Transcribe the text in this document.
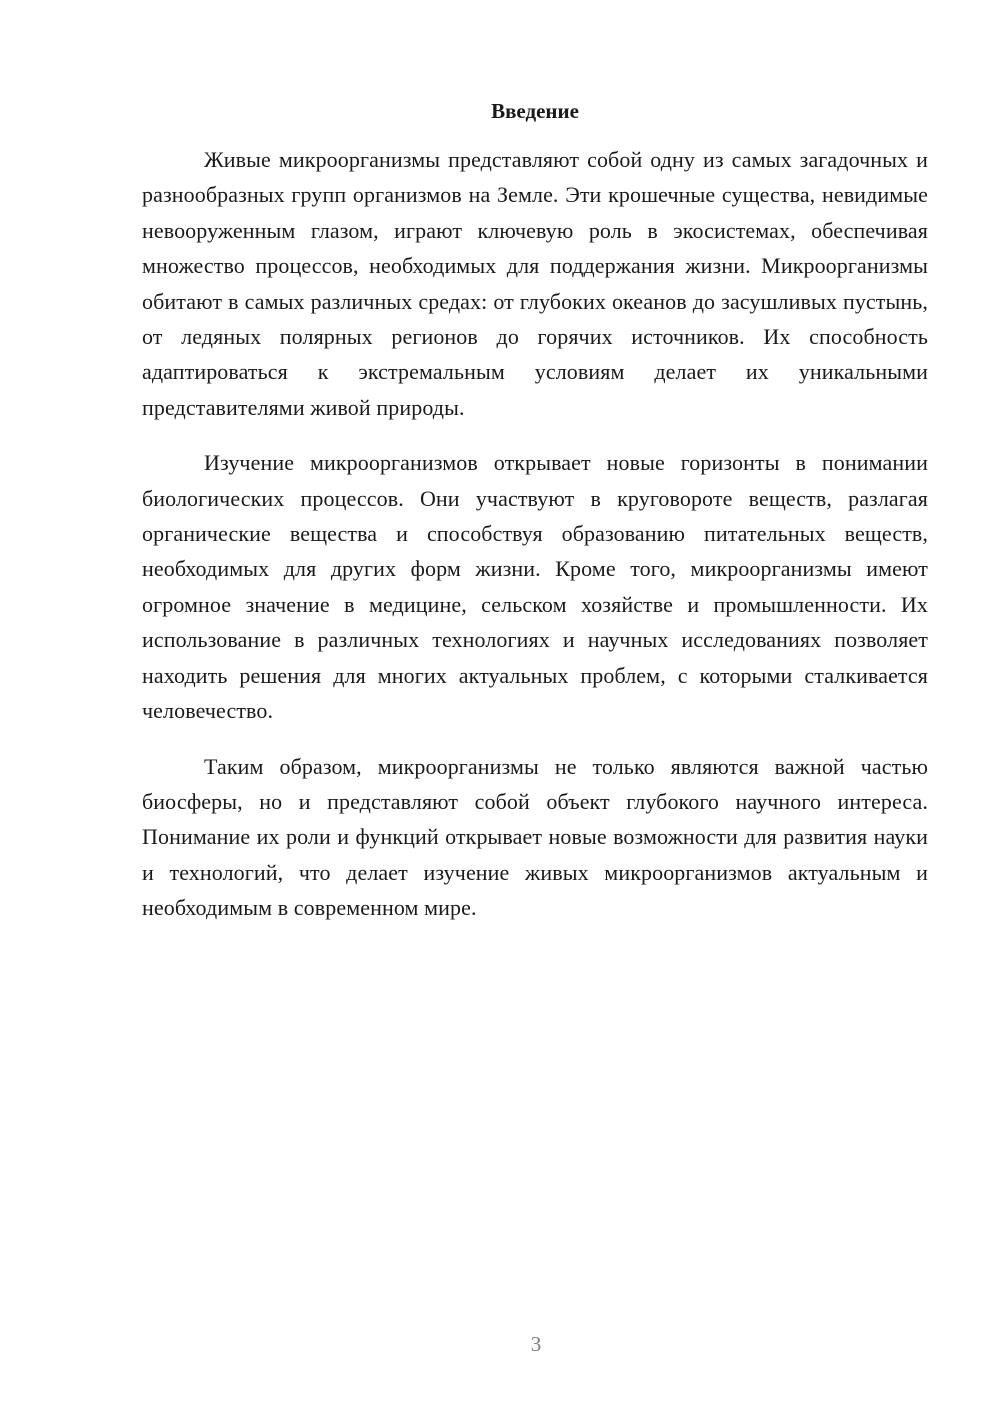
Введение

Живые микроорганизмы представляют собой одну из самых загадочных и разнообразных групп организмов на Земле. Эти крошечные существа, невидимые невооруженным глазом, играют ключевую роль в экосистемах, обеспечивая множество процессов, необходимых для поддержания жизни. Микроорганизмы обитают в самых различных средах: от глубоких океанов до засушливых пустынь, от ледяных полярных регионов до горячих источников. Их способность адаптироваться к экстремальным условиям делает их уникальными представителями живой природы.

Изучение микроорганизмов открывает новые горизонты в понимании биологических процессов. Они участвуют в круговороте веществ, разлагая органические вещества и способствуя образованию питательных веществ, необходимых для других форм жизни. Кроме того, микроорганизмы имеют огромное значение в медицине, сельском хозяйстве и промышленности. Их использование в различных технологиях и научных исследованиях позволяет находить решения для многих актуальных проблем, с которыми сталкивается человечество.

Таким образом, микроорганизмы не только являются важной частью биосферы, но и представляют собой объект глубокого научного интереса. Понимание их роли и функций открывает новые возможности для развития науки и технологий, что делает изучение живых микроорганизмов актуальным и необходимым в современном мире.

3
